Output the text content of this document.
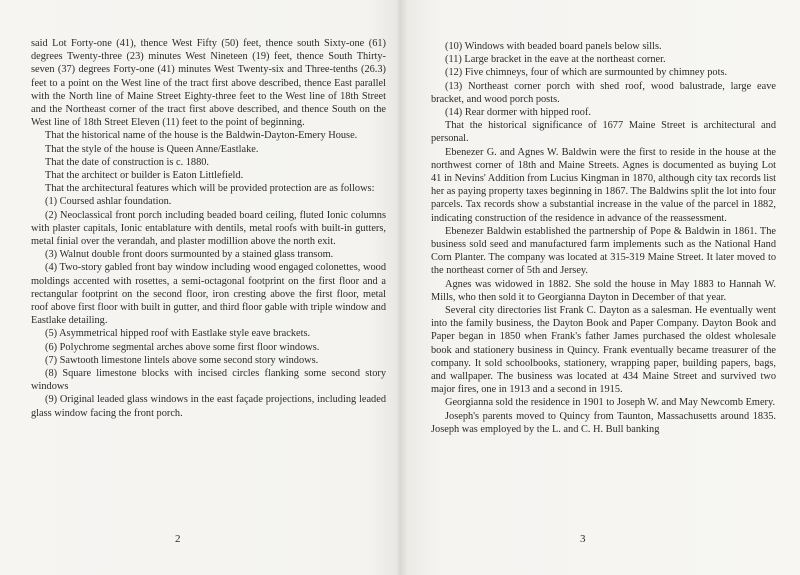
said Lot Forty-one (41), thence West Fifty (50) feet, thence south Sixty-one (61) degrees Twenty-three (23) minutes West Nineteen (19) feet, thence South Thirty-seven (37) degrees Forty-one (41) minutes West Twenty-six and Three-tenths (26.3) feet to a point on the West line of the tract first above described, thence East parallel with the North line of Maine Street Eighty-three feet to the West line of 18th Street and the Northeast corner of the tract first above described, and thence South on the West line of 18th Street Eleven (11) feet to the point of beginning.

That the historical name of the house is the Baldwin-Dayton-Emery House.

That the style of the house is Queen Anne/Eastlake.

That the date of construction is c. 1880.

That the architect or builder is Eaton Littlefield.

That the architectural features which will be provided protection are as follows:

(1) Coursed ashlar foundation.

(2) Neoclassical front porch including beaded board ceiling, fluted Ionic columns with plaster capitals, Ionic entablature with dentils, metal roofs with built-in gutters, metal finial over the verandah, and plaster modillion above the north exit.

(3) Walnut double front doors surmounted by a stained glass transom.

(4) Two-story gabled front bay window including wood engaged colonettes, wood moldings accented with rosettes, a semi-octagonal footprint on the first floor and a rectangular footprint on the second floor, iron cresting above the first floor, metal roof above first floor with built in gutter, and third floor gable with triple window and Eastlake detailing.

(5) Asymmetrical hipped roof with Eastlake style eave brackets.

(6) Polychrome segmental arches above some first floor windows.

(7) Sawtooth limestone lintels above some second story windows.

(8) Square limestone blocks with incised circles flanking some second story windows

(9) Original leaded glass windows in the east façade projections, including leaded glass window facing the front porch.

2

(10) Windows with beaded board panels below sills.

(11) Large bracket in the eave at the northeast corner.

(12) Five chimneys, four of which are surmounted by chimney pots.

(13) Northeast corner porch with shed roof, wood balustrade, large eave bracket, and wood porch posts.

(14) Rear dormer with hipped roof.

That the historical significance of 1677 Maine Street is architectural and personal.

Ebenezer G. and Agnes W. Baldwin were the first to reside in the house at the northwest corner of 18th and Maine Streets. Agnes is documented as buying Lot 41 in Nevins' Addition from Lucius Kingman in 1870, although city tax records list her as paying property taxes beginning in 1867. The Baldwins split the lot into four parcels. Tax records show a substantial increase in the value of the parcel in 1882, indicating construction of the residence in advance of the reassessment.

Ebenezer Baldwin established the partnership of Pope & Baldwin in 1861. The business sold seed and manufactured farm implements such as the National Hand Corn Planter. The company was located at 315-319 Maine Street. It later moved to the northeast corner of 5th and Jersey.

Agnes was widowed in 1882. She sold the house in May 1883 to Hannah W. Mills, who then sold it to Georgianna Dayton in December of that year.

Several city directories list Frank C. Dayton as a salesman. He eventually went into the family business, the Dayton Book and Paper Company. Dayton Book and Paper began in 1850 when Frank's father James purchased the oldest wholesale book and stationery business in Quincy. Frank eventually became treasurer of the company. It sold schoolbooks, stationery, wrapping paper, building papers, bags, and wallpaper. The business was located at 434 Maine Street and survived two major fires, one in 1913 and a second in 1915.

Georgianna sold the residence in 1901 to Joseph W. and May Newcomb Emery.

Joseph's parents moved to Quincy from Taunton, Massachusetts around 1835. Joseph was employed by the L. and C. H. Bull banking

3
